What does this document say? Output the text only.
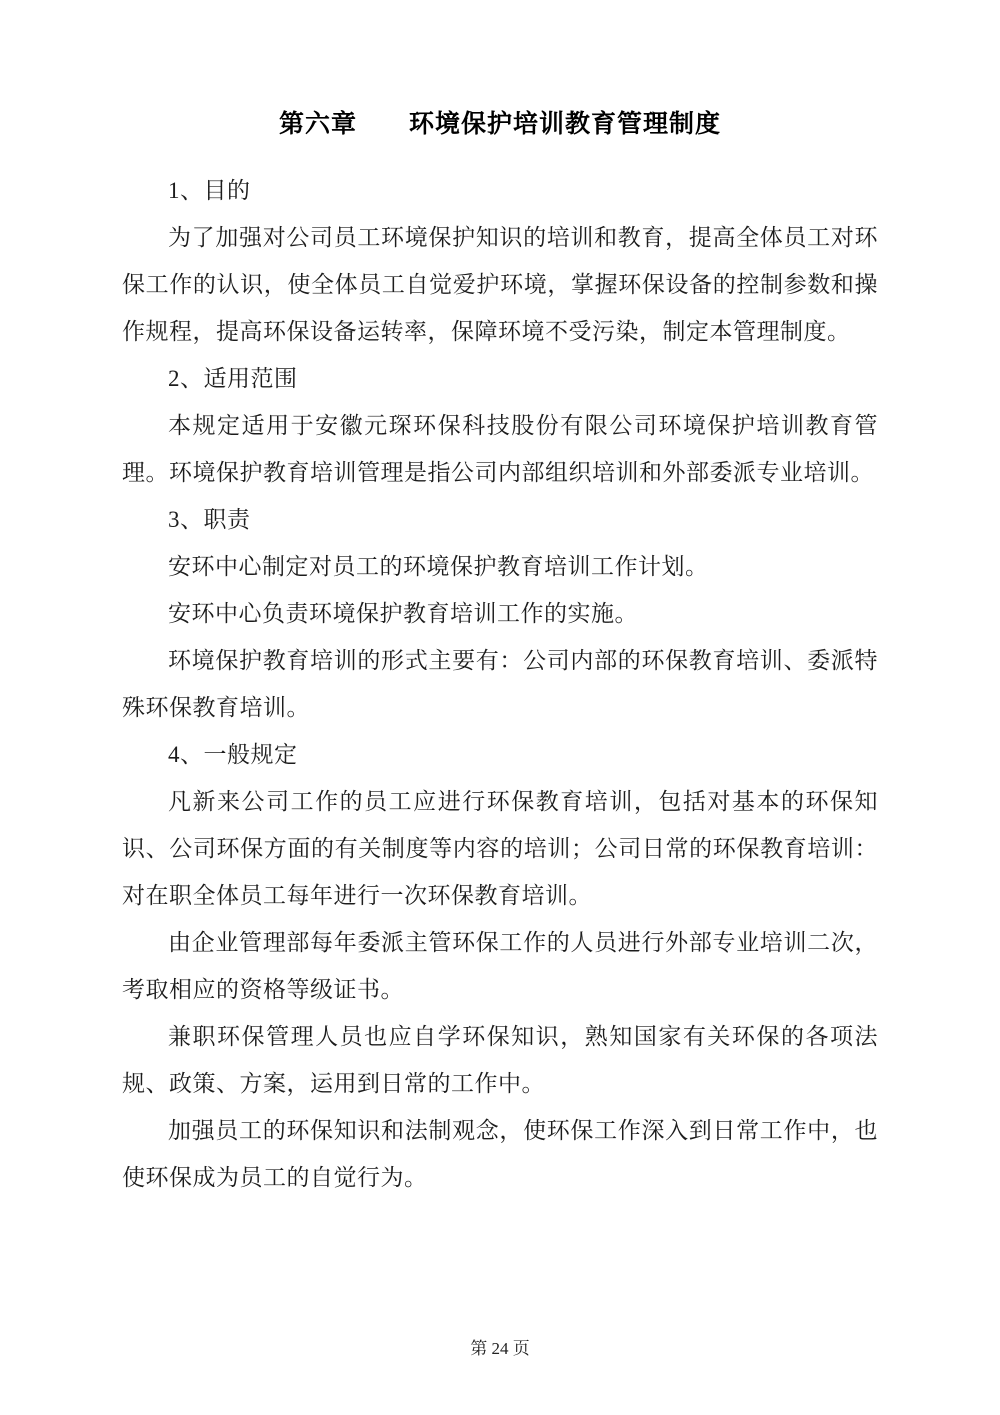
第六章　　环境保护培训教育管理制度

1、目的

为了加强对公司员工环境保护知识的培训和教育，提高全体员工对环保工作的认识，使全体员工自觉爱护环境，掌握环保设备的控制参数和操作规程，提高环保设备运转率，保障环境不受污染，制定本管理制度。

2、适用范围

本规定适用于安徽元琛环保科技股份有限公司环境保护培训教育管理。环境保护教育培训管理是指公司内部组织培训和外部委派专业培训。

3、职责

安环中心制定对员工的环境保护教育培训工作计划。

安环中心负责环境保护教育培训工作的实施。

环境保护教育培训的形式主要有：公司内部的环保教育培训、委派特殊环保教育培训。

4、一般规定

凡新来公司工作的员工应进行环保教育培训，包括对基本的环保知识、公司环保方面的有关制度等内容的培训；公司日常的环保教育培训：对在职全体员工每年进行一次环保教育培训。

由企业管理部每年委派主管环保工作的人员进行外部专业培训二次，考取相应的资格等级证书。

兼职环保管理人员也应自学环保知识，熟知国家有关环保的各项法规、政策、方案，运用到日常的工作中。

加强员工的环保知识和法制观念，使环保工作深入到日常工作中，也使环保成为员工的自觉行为。

第 24 页
